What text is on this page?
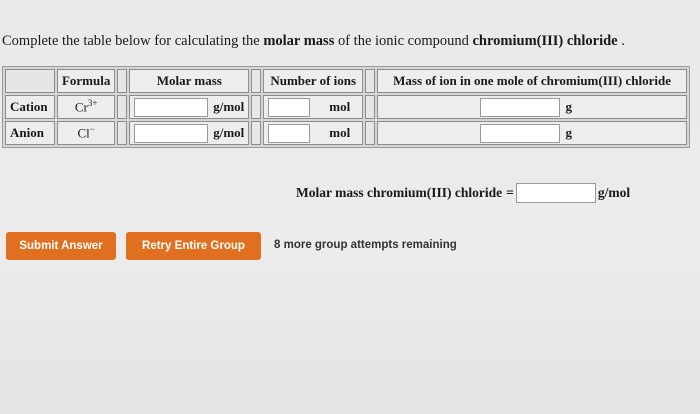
Complete the table below for calculating the molar mass of the ionic compound chromium(III) chloride .
	Formula		Molar mass		Number of ions		Mass of ion in one mole of chromium(III) chloride
Cation	$Cr^{3+}$		g/mol		mol		g

Anion	Cl−		g/mol		mol		g
Molar mass chromium(III) chloride =	g/mol
Submit Answer	Retry Entire Group	8 more group attempts remaining
